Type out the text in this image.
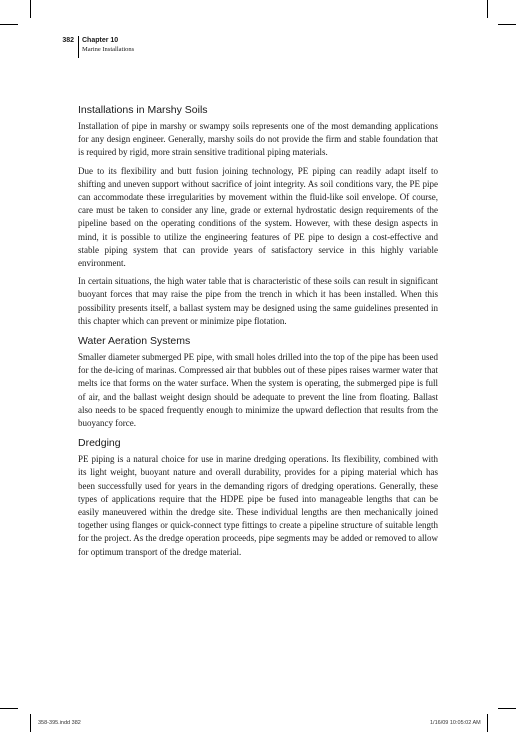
382 Chapter 10
Marine Installations
Installations in Marshy Soils

Installation of pipe in marshy or swampy soils represents one of the most demanding applications for any design engineer. Generally, marshy soils do not provide the firm and stable foundation that is required by rigid, more strain sensitive traditional piping materials.

Due to its flexibility and butt fusion joining technology, PE piping can readily adapt itself to shifting and uneven support without sacrifice of joint integrity. As soil conditions vary, the PE pipe can accommodate these irregularities by movement within the fluid-like soil envelope. Of course, care must be taken to consider any line, grade or external hydrostatic design requirements of the pipeline based on the operating conditions of the system. However, with these design aspects in mind, it is possible to utilize the engineering features of PE pipe to design a cost-effective and stable piping system that can provide years of satisfactory service in this highly variable environment.

In certain situations, the high water table that is characteristic of these soils can result in significant buoyant forces that may raise the pipe from the trench in which it has been installed. When this possibility presents itself, a ballast system may be designed using the same guidelines presented in this chapter which can prevent or minimize pipe flotation.

Water Aeration Systems

Smaller diameter submerged PE pipe, with small holes drilled into the top of the pipe has been used for the de-icing of marinas. Compressed air that bubbles out of these pipes raises warmer water that melts ice that forms on the water surface. When the system is operating, the submerged pipe is full of air, and the ballast weight design should be adequate to prevent the line from floating. Ballast also needs to be spaced frequently enough to minimize the upward deflection that results from the buoyancy force.

Dredging

PE piping is a natural choice for use in marine dredging operations. Its flexibility, combined with its light weight, buoyant nature and overall durability, provides for a piping material which has been successfully used for years in the demanding rigors of dredging operations. Generally, these types of applications require that the HDPE pipe be fused into manageable lengths that can be easily maneuvered within the dredge site. These individual lengths are then mechanically joined together using flanges or quick-connect type fittings to create a pipeline structure of suitable length for the project. As the dredge operation proceeds, pipe segments may be added or removed to allow for optimum transport of the dredge material.

358-395.indd 382	1/16/09 10:05:02 AM
